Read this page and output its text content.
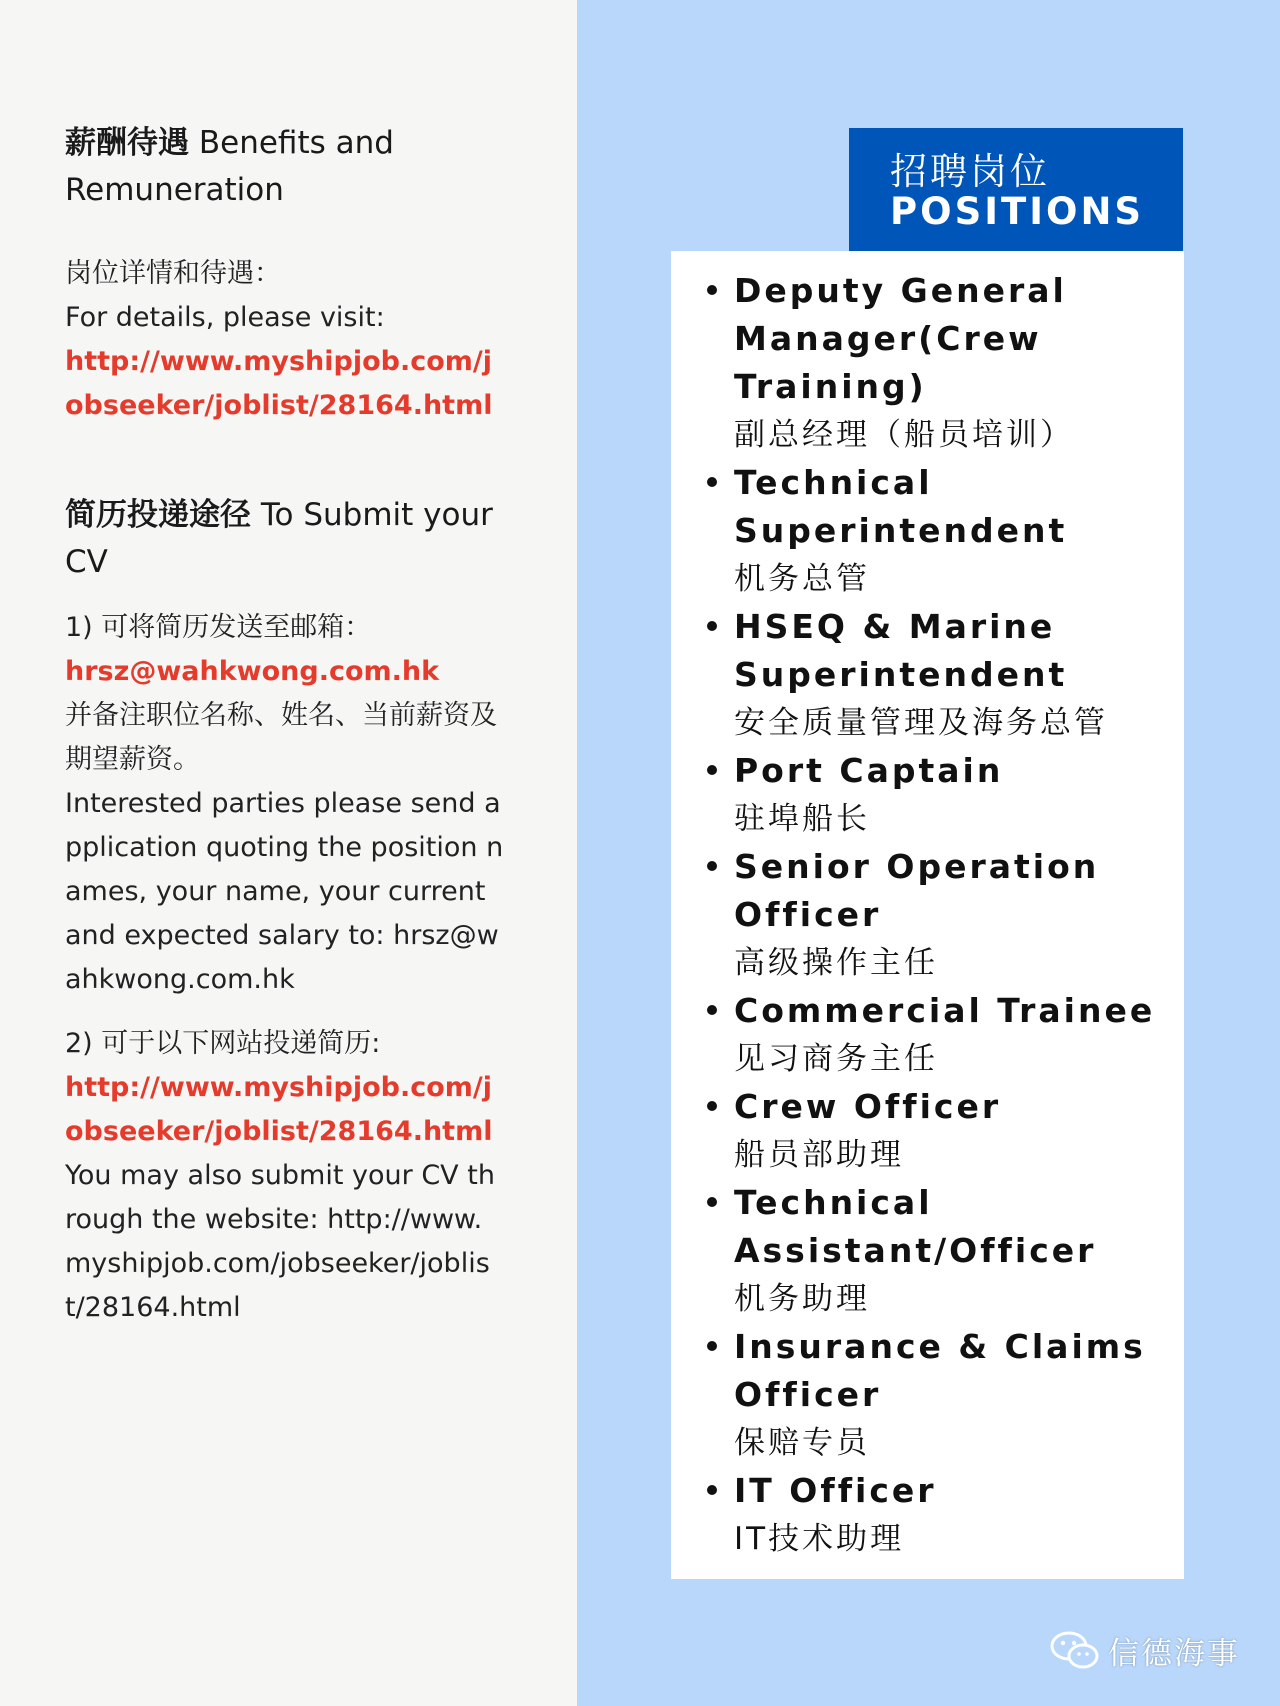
薪酬待遇 Benefits and Remuneration

岗位详情和待遇：

For details, please visit:

http://www.myshipjob.com/jobseeker/joblist/28164.html

简历投递途径 To Submit your CV

1) 可将简历发送至邮箱：

hrsz@wahkwong.com.hk

并备注职位名称、姓名、当前薪资及期望薪资。

Interested parties please send application quoting the position names, your name, your current and expected salary to: hrsz@wahkwong.com.hk

2) 可于以下网站投递简历:

http://www.myshipjob.com/jobseeker/joblist/28164.html

You may also submit your CV through the website: http://www.myshipjob.com/jobseeker/joblist/28164.html

招聘岗位
POSITIONS
Deputy General Manager(Crew Training)
副总经理（船员培训）
Technical Superintendent
机务总管
HSEQ & Marine Superintendent
安全质量管理及海务总管
Port Captain
驻埠船长
Senior Operation Officer
高级操作主任
Commercial Trainee
见习商务主任
Crew Officer
船员部助理
Technical Assistant/Officer
机务助理
Insurance & Claims Officer
保赔专员
IT Officer
IT技术助理
信德海事
